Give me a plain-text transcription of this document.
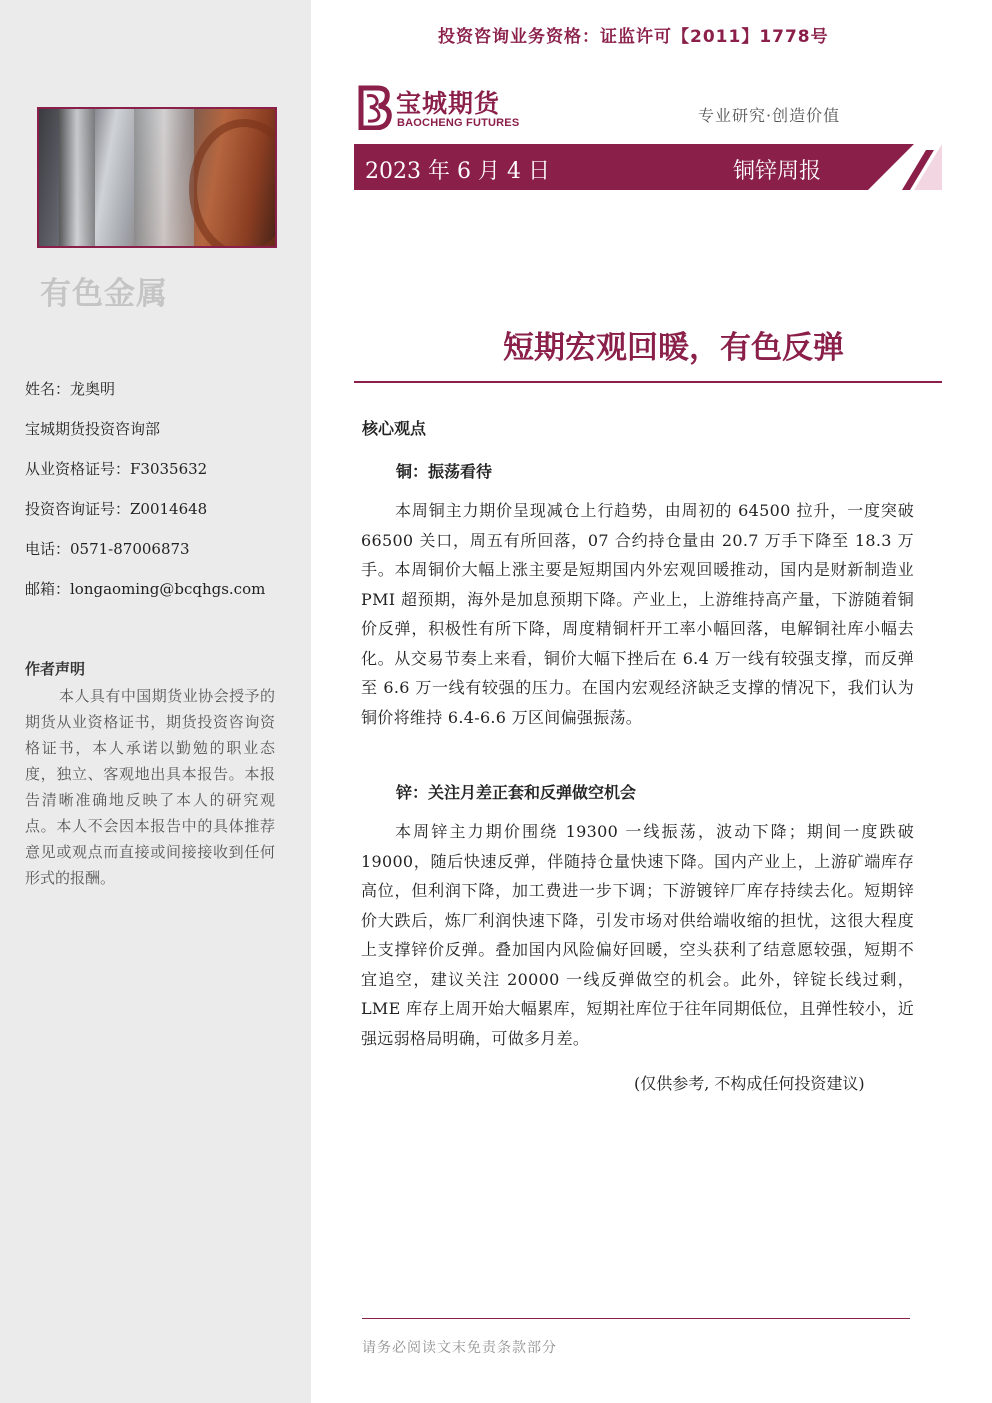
有色金属
姓名：龙奥明
宝城期货投资咨询部
从业资格证号：F3035632
投资咨询证号：Z0014648
电话：0571-87006873
邮箱：longaoming@bcqhgs.com
作者声明
本人具有中国期货业协会授予的期货从业资格证书，期货投资咨询资格证书，本人承诺以勤勉的职业态度，独立、客观地出具本报告。本报告清晰准确地反映了本人的研究观点。本人不会因本报告中的具体推荐意见或观点而直接或间接接收到任何形式的报酬。
投资咨询业务资格：证监许可【2011】1778号
宝城期货
BAOCHENG FUTURES	专业研究·创造价值
2023 年 6 月 4 日	铜锌周报
短期宏观回暖，有色反弹
核心观点
铜：振荡看待
本周铜主力期价呈现减仓上行趋势，由周初的 64500 拉升，一度突破 66500 关口，周五有所回落，07 合约持仓量由 20.7 万手下降至 18.3 万手。本周铜价大幅上涨主要是短期国内外宏观回暖推动，国内是财新制造业 PMI 超预期，海外是加息预期下降。产业上，上游维持高产量，下游随着铜价反弹，积极性有所下降，周度精铜杆开工率小幅回落，电解铜社库小幅去化。从交易节奏上来看，铜价大幅下挫后在 6.4 万一线有较强支撑，而反弹至 6.6 万一线有较强的压力。在国内宏观经济缺乏支撑的情况下，我们认为铜价将维持 6.4-6.6 万区间偏强振荡。
锌：关注月差正套和反弹做空机会
本周锌主力期价围绕 19300 一线振荡，波动下降；期间一度跌破 19000，随后快速反弹，伴随持仓量快速下降。国内产业上，上游矿端库存高位，但利润下降，加工费进一步下调；下游镀锌厂库存持续去化。短期锌价大跌后，炼厂利润快速下降，引发市场对供给端收缩的担忧，这很大程度上支撑锌价反弹。叠加国内风险偏好回暖，空头获利了结意愿较强，短期不宜追空，建议关注 20000 一线反弹做空的机会。此外，锌锭长线过剩，LME 库存上周开始大幅累库，短期社库位于往年同期低位，且弹性较小，近强远弱格局明确，可做多月差。
(仅供参考, 不构成任何投资建议)
请务必阅读文末免责条款部分
